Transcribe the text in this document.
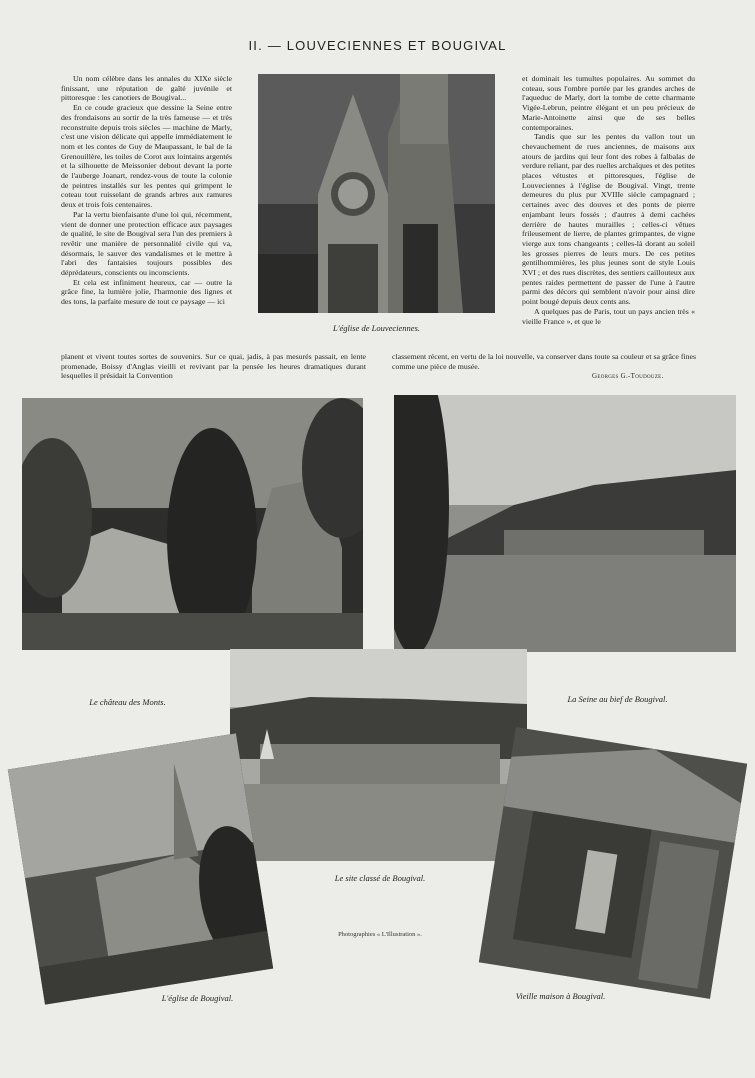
II. — LOUVECIENNES ET BOUGIVAL

Un nom célèbre dans les annales du XIXe siècle finissant, une réputation de gaîté juvénile et pittoresque : les canotiers de Bougival...

En ce coude gracieux que dessine la Seine entre des frondaisons au sortir de la très fameuse — et très reconstruite depuis trois siècles — machine de Marly, c'est une vision délicate qui appelle immédiatement le nom et les contes de Guy de Maupassant, le bal de la Grenouillère, les toiles de Corot aux lointains argentés et la silhouette de Meissonier debout devant la porte de l'auberge Joanart, rendez-vous de toute la colonie de peintres installés sur les pentes qui grimpent le coteau tout ruisselant de grands arbres aux ramures deux et trois fois centenaires.

Par la vertu bienfaisante d'une loi qui, récemment, vient de donner une protection efficace aux paysages de qualité, le site de Bougival sera l'un des premiers à revêtir une manière de personnalité civile qui va, désormais, le sauver des vandalismes et le mettre à l'abri des fantaisies toujours possibles des déprédateurs, conscients ou inconscients.

Et cela est infiniment heureux, car — outre la grâce fine, la lumière jolie, l'harmonie des lignes et des tons, la parfaite mesure de tout ce paysage — ici

planent et vivent toutes sortes de souvenirs. Sur ce quai, jadis, à pas mesurés passait, en lente promenade, Boissy d'Anglas vieilli et revivant par la pensée les heures dramatiques durant lesquelles il présidait la Convention

et dominait les tumultes populaires. Au sommet du coteau, sous l'ombre portée par les grandes arches de l'aqueduc de Marly, dort la tombe de cette charmante Vigée-Lebrun, peintre élégant et un peu précieux de Marie-Antoinette ainsi que de ses belles contemporaines.

Tandis que sur les pentes du vallon tout un chevauchement de rues anciennes, de maisons aux atours de jardins qui leur font des robes à falbalas de verdure reliant, par des ruelles archaïques et des petites places vétustes et pittoresques, l'église de Louveciennes à l'église de Bougival. Vingt, trente demeures du plus pur XVIIIe siècle campagnard ; certaines avec des douves et des ponts de pierre enjambant leurs fossés ; d'autres à demi cachées derrière de hautes murailles ; celles-ci vêtues frileusement de lierre, de plantes grimpantes, de vigne vierge aux tons changeants ; celles-là dorant au soleil les grosses pierres de leurs murs. De ces petites gentilhommières, les plus jeunes sont de style Louis XVI ; et des rues discrètes, des sentiers caillouteux aux pentes raides permettent de passer de l'une à l'autre parmi des décors qui semblent n'avoir pour ainsi dire point bougé depuis deux cents ans.

A quelques pas de Paris, tout un pays ancien très « vieille France », et que le

classement récent, en vertu de la loi nouvelle, va conserver dans toute sa couleur et sa grâce fines comme une pièce de musée.

Georges G.-Toudouze.
L'église de Louveciennes.
Le château des Monts.	La Seine au bief de Bougival.
Le site classé de Bougival.
L'église de Bougival.	Vieille maison à Bougival.
Photographies « L'Illustration ».
